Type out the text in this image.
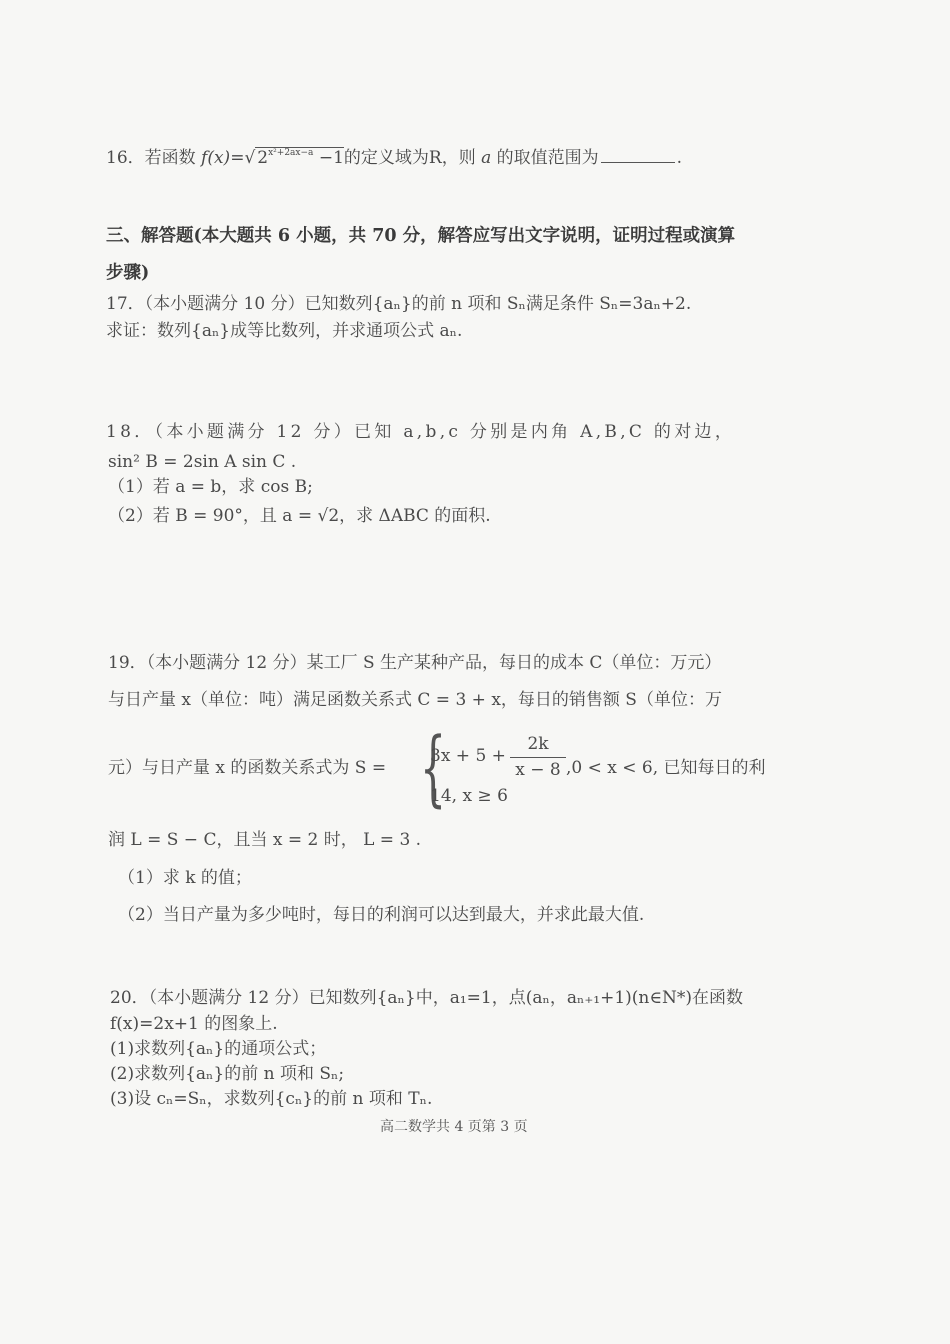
16．若函数 f(x)=√ $2^{x^2+2ax-a} -1$的定义域为R，则 a 的取值范围为	.
三、解答题(本大题共 6 小题，共 70 分，解答应写出文字说明，证明过程或演算
步骤)
17．（本小题满分 10 分）已知数列{aₙ}的前 n 项和 Sₙ满足条件 Sₙ=3aₙ+2.
求证：数列{aₙ}成等比数列，并求通项公式 aₙ.
18．（本小题满分 12 分）已知 a,b,c 分别是内角 A,B,C 的对边，
sin² B = 2sin A sin C .
（1）若 a = b，求 cos B;
（2）若 B = 90°，且 a = √2，求 ΔABC 的面积.
19．（本小题满分 12 分）某工厂 S 生产某种产品，每日的成本 C（单位：万元）
与日产量 x（单位：吨）满足函数关系式 C = 3 + x，每日的销售额 S（单位：万
元）与日产量 x 的函数关系式为 S = {
3x + 5 +
2k
x − 8 ,0 < x < 6, 已知每日的利
14, x ≥ 6
润 L = S − C，且当 x = 2 时， L = 3 .
（1）求 k 的值；
（2）当日产量为多少吨时，每日的利润可以达到最大，并求此最大值.
20．（本小题满分 12 分）已知数列{aₙ}中，a₁=1，点(aₙ，aₙ₊₁+1)(n∈N*)在函数
f(x)=2x+1 的图象上.
(1)求数列{aₙ}的通项公式；
(2)求数列{aₙ}的前 n 项和 Sₙ;
(3)设 cₙ=Sₙ，求数列{cₙ}的前 n 项和 Tₙ.
高二数学共 4 页第 3 页
